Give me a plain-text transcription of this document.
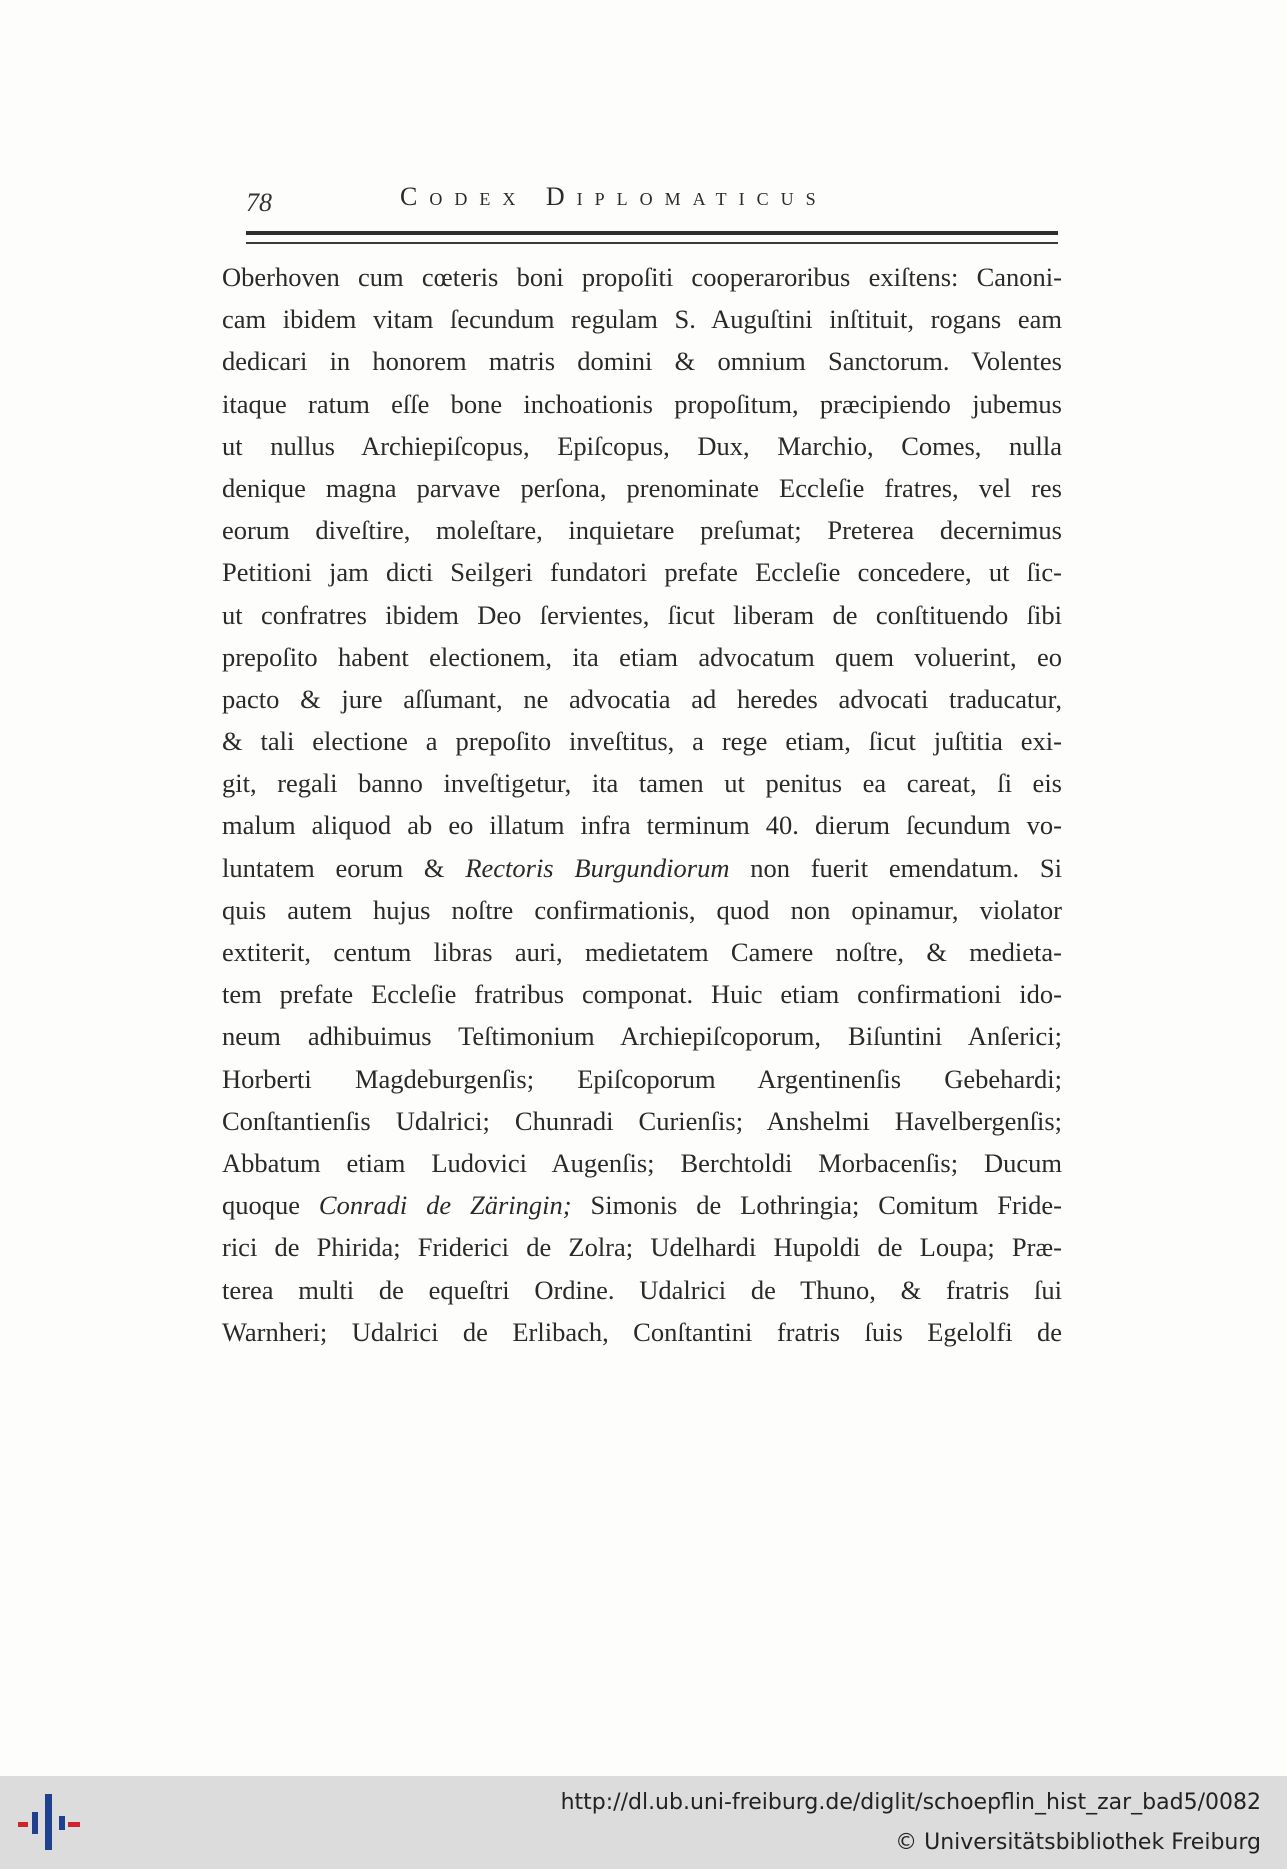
78	Codex Diplomaticus
Oberhoven cum cœteris boni propoſiti cooperaroribus exiſtens: Canoni-
cam ibidem vitam ſecundum regulam S. Auguſtini inſtituit, rogans eam
dedicari in honorem matris domini & omnium Sanctorum. Volentes
itaque ratum eſſe bone inchoationis propoſitum, præcipiendo jubemus
ut nullus Archiepiſcopus, Epiſcopus, Dux, Marchio, Comes, nulla
denique magna parvave perſona, prenominate Eccleſie fratres, vel res
eorum diveſtire, moleſtare, inquietare preſumat; Preterea decernimus
Petitioni jam dicti Seilgeri fundatori prefate Eccleſie concedere, ut ſic-
ut confratres ibidem Deo ſervientes, ſicut liberam de conſtituendo ſibi
prepoſito habent electionem, ita etiam advocatum quem voluerint, eo
pacto & jure aſſumant, ne advocatia ad heredes advocati traducatur,
& tali electione a prepoſito inveſtitus, a rege etiam, ſicut juſtitia exi-
git, regali banno inveſtigetur, ita tamen ut penitus ea careat, ſi eis
malum aliquod ab eo illatum infra terminum 40. dierum ſecundum vo-
luntatem eorum & Rectoris Burgundiorum non fuerit emendatum. Si
quis autem hujus noſtre confirmationis, quod non opinamur, violator
extiterit, centum libras auri, medietatem Camere noſtre, & medieta-
tem prefate Eccleſie fratribus componat. Huic etiam confirmationi ido-
neum adhibuimus Teſtimonium Archiepiſcoporum, Biſuntini Anſerici;
Horberti Magdeburgenſis; Epiſcoporum Argentinenſis Gebehardi;
Conſtantienſis Udalrici; Chunradi Curienſis; Anshelmi Havelbergenſis;
Abbatum etiam Ludovici Augenſis; Berchtoldi Morbacenſis; Ducum
quoque Conradi de Zäringin; Simonis de Lothringia; Comitum Fride-
rici de Phirida; Friderici de Zolra; Udelhardi Hupoldi de Loupa; Præ-
terea multi de equeſtri Ordine. Udalrici de Thuno, & fratris ſui
Warnheri; Udalrici de Erlibach, Conſtantini fratris ſuis Egelolfi de
http://dl.ub.uni-freiburg.de/diglit/schoepflin_hist_zar_bad5/0082
© Universitätsbibliothek Freiburg
